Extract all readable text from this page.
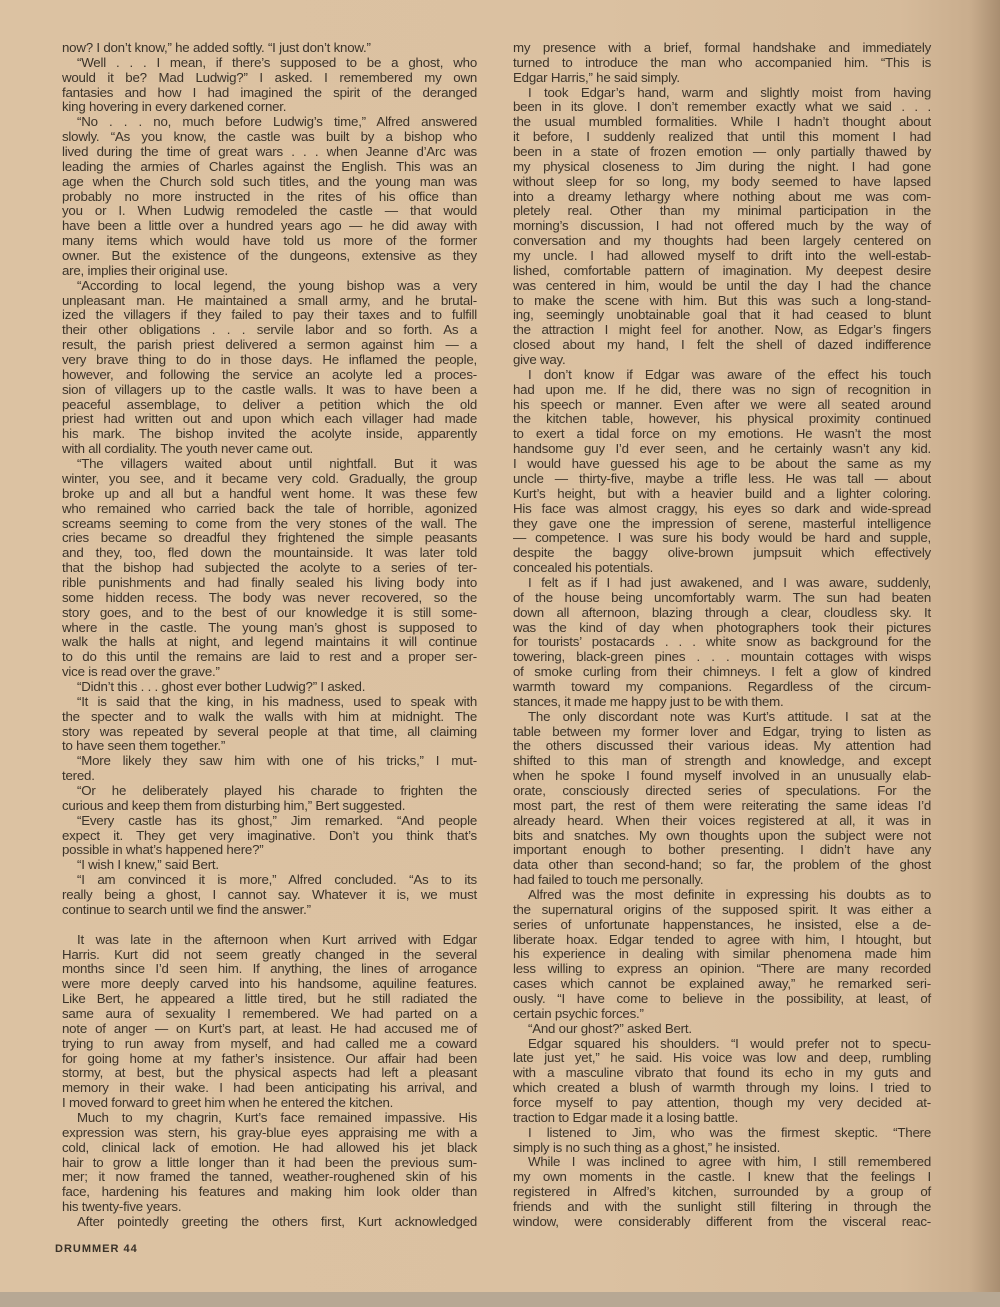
now? I don’t know,” he added softly. “I just don’t know.”
“Well . . . I mean, if there’s supposed to be a ghost, who
would it be? Mad Ludwig?” I asked. I remembered my own
fantasies and how I had imagined the spirit of the deranged
king hovering in every darkened corner.
“No . . . no, much before Ludwig’s time,” Alfred answered
slowly. “As you know, the castle was built by a bishop who
lived during the time of great wars . . . when Jeanne d’Arc was
leading the armies of Charles against the English. This was an
age when the Church sold such titles, and the young man was
probably no more instructed in the rites of his office than
you or I. When Ludwig remodeled the castle — that would
have been a little over a hundred years ago — he did away with
many items which would have told us more of the former
owner. But the existence of the dungeons, extensive as they
are, implies their original use.
“According to local legend, the young bishop was a very
unpleasant man. He maintained a small army, and he brutal-
ized the villagers if they failed to pay their taxes and to fulfill
their other obligations . . . servile labor and so forth. As a
result, the parish priest delivered a sermon against him — a
very brave thing to do in those days. He inflamed the people,
however, and following the service an acolyte led a proces-
sion of villagers up to the castle walls. It was to have been a
peaceful assemblage, to deliver a petition which the old
priest had written out and upon which each villager had made
his mark. The bishop invited the acolyte inside, apparently
with all cordiality. The youth never came out.
“The villagers waited about until nightfall. But it was
winter, you see, and it became very cold. Gradually, the group
broke up and all but a handful went home. It was these few
who remained who carried back the tale of horrible, agonized
screams seeming to come from the very stones of the wall. The
cries became so dreadful they frightened the simple peasants
and they, too, fled down the mountainside. It was later told
that the bishop had subjected the acolyte to a series of ter-
rible punishments and had finally sealed his living body into
some hidden recess. The body was never recovered, so the
story goes, and to the best of our knowledge it is still some-
where in the castle. The young man’s ghost is supposed to
walk the halls at night, and legend maintains it will continue
to do this until the remains are laid to rest and a proper ser-
vice is read over the grave.”
“Didn’t this . . . ghost ever bother Ludwig?” I asked.
“It is said that the king, in his madness, used to speak with
the specter and to walk the walls with him at midnight. The
story was repeated by several people at that time, all claiming
to have seen them together.”
“More likely they saw him with one of his tricks,” I mut-
tered.
“Or he deliberately played his charade to frighten the
curious and keep them from disturbing him,” Bert suggested.
“Every castle has its ghost,” Jim remarked. “And people
expect it. They get very imaginative. Don’t you think that’s
possible in what’s happened here?”
“I wish I knew,” said Bert.
“I am convinced it is more,” Alfred concluded. “As to its
really being a ghost, I cannot say. Whatever it is, we must
continue to search until we find the answer.”
It was late in the afternoon when Kurt arrived with Edgar
Harris. Kurt did not seem greatly changed in the several
months since I’d seen him. If anything, the lines of arrogance
were more deeply carved into his handsome, aquiline features.
Like Bert, he appeared a little tired, but he still radiated the
same aura of sexuality I remembered. We had parted on a
note of anger — on Kurt’s part, at least. He had accused me of
trying to run away from myself, and had called me a coward
for going home at my father’s insistence. Our affair had been
stormy, at best, but the physical aspects had left a pleasant
memory in their wake. I had been anticipating his arrival, and
I moved forward to greet him when he entered the kitchen.
Much to my chagrin, Kurt’s face remained impassive. His
expression was stern, his gray-blue eyes appraising me with a
cold, clinical lack of emotion. He had allowed his jet black
hair to grow a little longer than it had been the previous sum-
mer; it now framed the tanned, weather-roughened skin of his
face, hardening his features and making him look older than
his twenty-five years.
After pointedly greeting the others first, Kurt acknowledged
my presence with a brief, formal handshake and immediately
turned to introduce the man who accompanied him. “This is
Edgar Harris,” he said simply.
I took Edgar’s hand, warm and slightly moist from having
been in its glove. I don’t remember exactly what we said . . .
the usual mumbled formalities. While I hadn’t thought about
it before, I suddenly realized that until this moment I had
been in a state of frozen emotion — only partially thawed by
my physical closeness to Jim during the night. I had gone
without sleep for so long, my body seemed to have lapsed
into a dreamy lethargy where nothing about me was com-
pletely real. Other than my minimal participation in the
morning’s discussion, I had not offered much by the way of
conversation and my thoughts had been largely centered on
my uncle. I had allowed myself to drift into the well-estab-
lished, comfortable pattern of imagination. My deepest desire
was centered in him, would be until the day I had the chance
to make the scene with him. But this was such a long-stand-
ing, seemingly unobtainable goal that it had ceased to blunt
the attraction I might feel for another. Now, as Edgar’s fingers
closed about my hand, I felt the shell of dazed indifference
give way.
I don’t know if Edgar was aware of the effect his touch
had upon me. If he did, there was no sign of recognition in
his speech or manner. Even after we were all seated around
the kitchen table, however, his physical proximity continued
to exert a tidal force on my emotions. He wasn’t the most
handsome guy I’d ever seen, and he certainly wasn’t any kid.
I would have guessed his age to be about the same as my
uncle — thirty-five, maybe a trifle less. He was tall — about
Kurt’s height, but with a heavier build and a lighter coloring.
His face was almost craggy, his eyes so dark and wide-spread
they gave one the impression of serene, masterful intelligence
— competence. I was sure his body would be hard and supple,
despite the baggy olive-brown jumpsuit which effectively
concealed his potentials.
I felt as if I had just awakened, and I was aware, suddenly,
of the house being uncomfortably warm. The sun had beaten
down all afternoon, blazing through a clear, cloudless sky. It
was the kind of day when photographers took their pictures
for tourists’ postacards . . . white snow as background for the
towering, black-green pines . . . mountain cottages with wisps
of smoke curling from their chimneys. I felt a glow of kindred
warmth toward my companions. Regardless of the circum-
stances, it made me happy just to be with them.
The only discordant note was Kurt’s attitude. I sat at the
table between my former lover and Edgar, trying to listen as
the others discussed their various ideas. My attention had
shifted to this man of strength and knowledge, and except
when he spoke I found myself involved in an unusually elab-
orate, consciously directed series of speculations. For the
most part, the rest of them were reiterating the same ideas I’d
already heard. When their voices registered at all, it was in
bits and snatches. My own thoughts upon the subject were not
important enough to bother presenting. I didn’t have any
data other than second-hand; so far, the problem of the ghost
had failed to touch me personally.
Alfred was the most definite in expressing his doubts as to
the supernatural origins of the supposed spirit. It was either a
series of unfortunate happenstances, he insisted, else a de-
liberate hoax. Edgar tended to agree with him, I htought, but
his experience in dealing with similar phenomena made him
less willing to express an opinion. “There are many recorded
cases which cannot be explained away,” he remarked seri-
ously. “I have come to believe in the possibility, at least, of
certain psychic forces.”
“And our ghost?” asked Bert.
Edgar squared his shoulders. “I would prefer not to specu-
late just yet,” he said. His voice was low and deep, rumbling
with a masculine vibrato that found its echo in my guts and
which created a blush of warmth through my loins. I tried to
force myself to pay attention, though my very decided at-
traction to Edgar made it a losing battle.
I listened to Jim, who was the firmest skeptic. “There
simply is no such thing as a ghost,” he insisted.
While I was inclined to agree with him, I still remembered
my own moments in the castle. I knew that the feelings I
registered in Alfred’s kitchen, surrounded by a group of
friends and with the sunlight still filtering in through the
window, were considerably different from the visceral reac-
DRUMMER 44
